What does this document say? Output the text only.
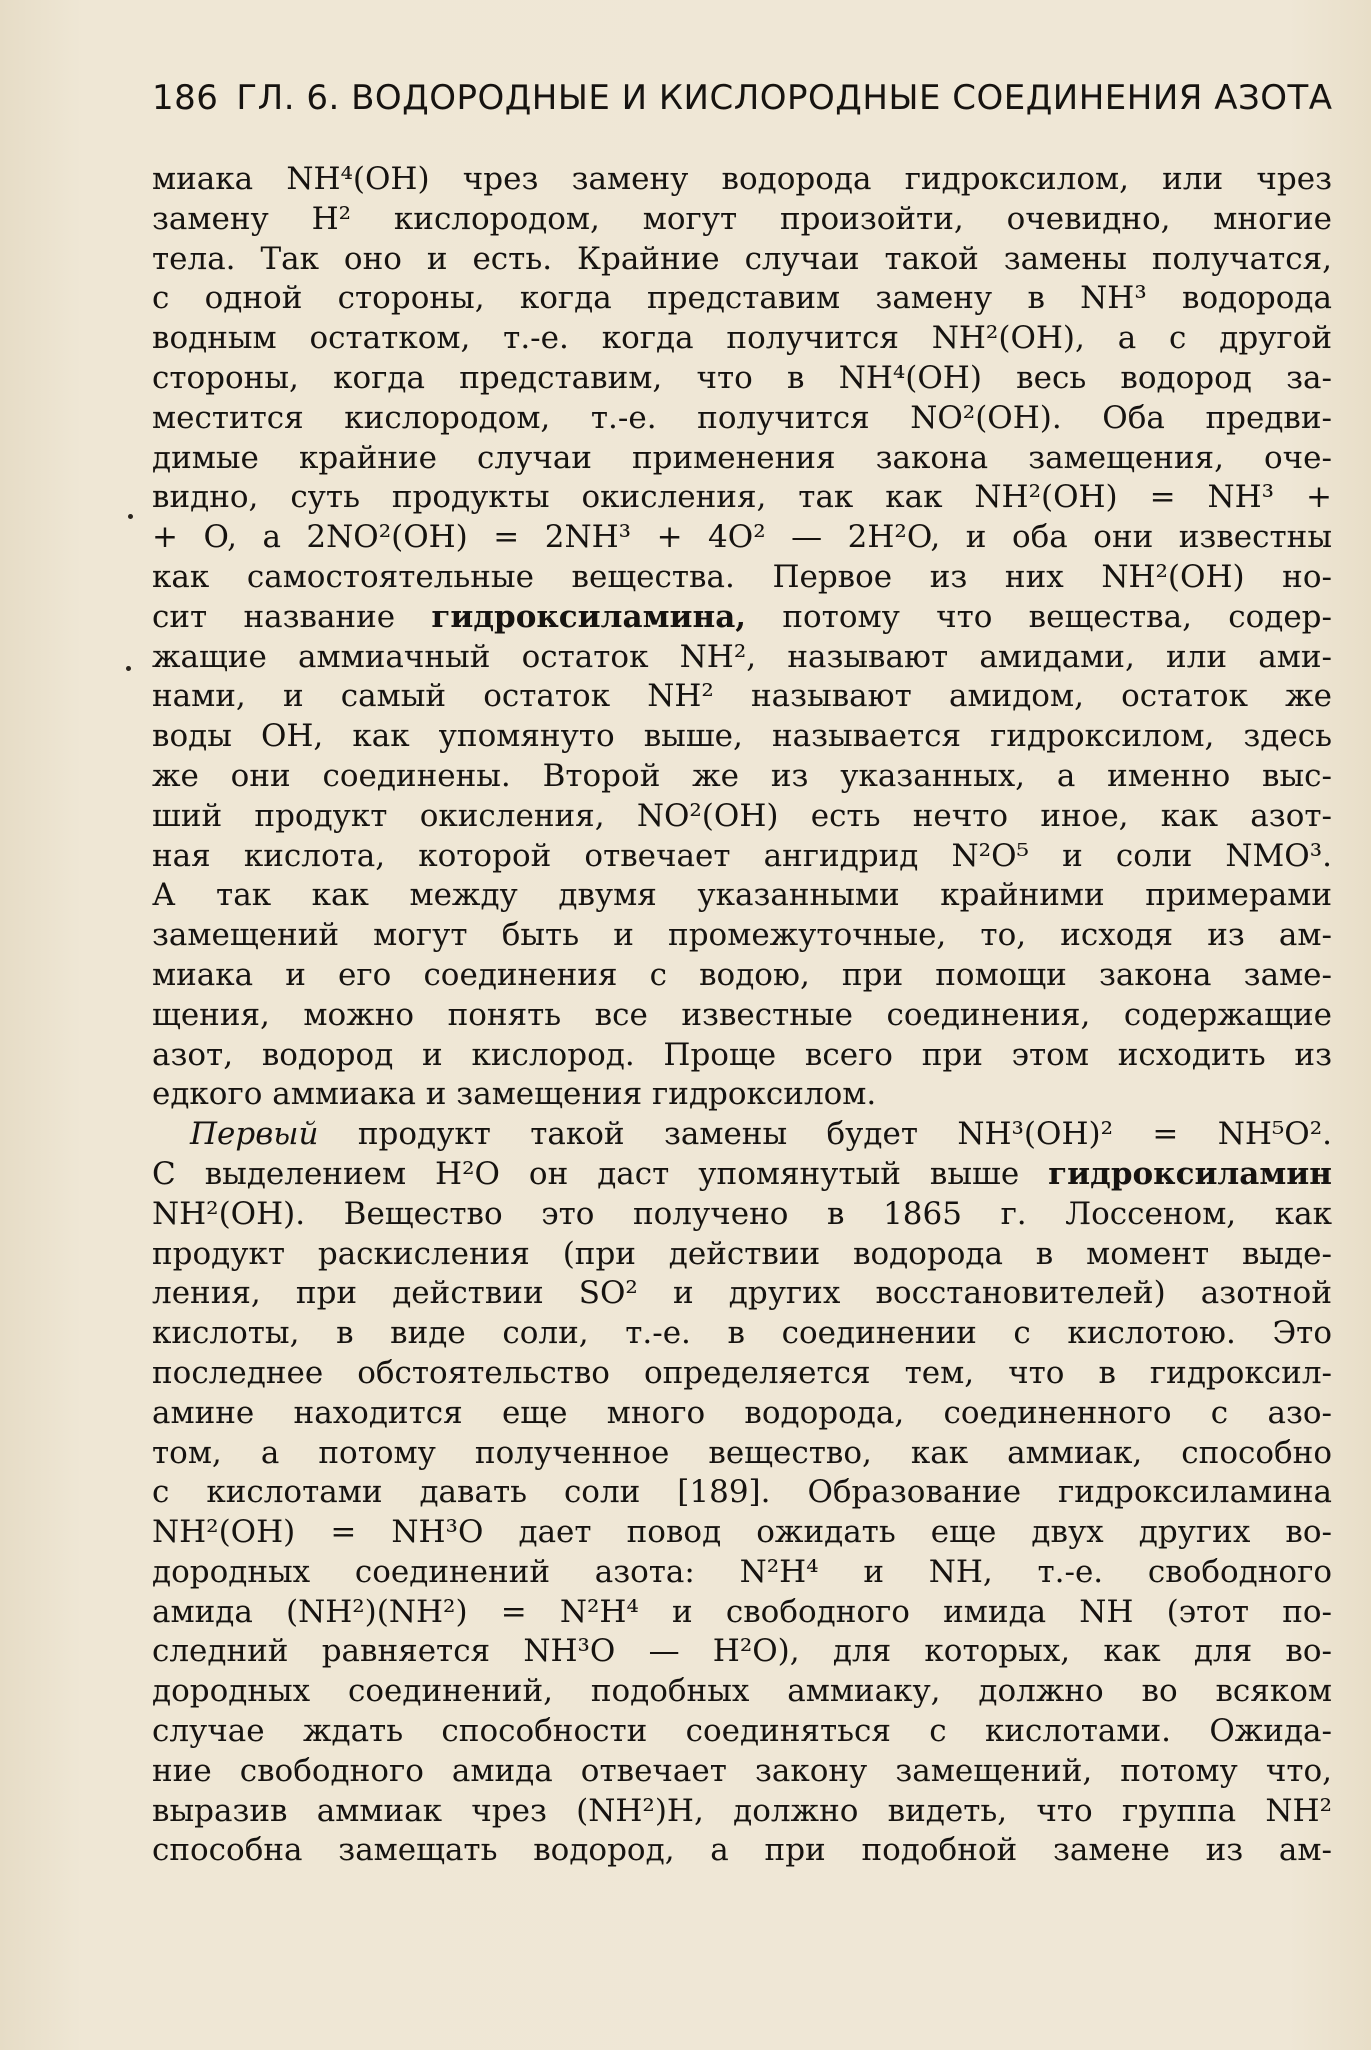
186 ГЛ. 6. ВОДОРОДНЫЕ И КИСЛОРОДНЫЕ СОЕДИНЕНИЯ АЗОТА
миака NH⁴(OH) чрез замену водорода гидроксилом, или чрез
замену H² кислородом, могут произойти, очевидно, многие
тела. Так оно и есть. Крайние случаи такой замены получатся,
с одной стороны, когда представим замену в NH³ водорода
водным остатком, т.-е. когда получится NH²(OH), а с другой
стороны, когда представим, что в NH⁴(OH) весь водород за-
местится кислородом, т.-е. получится NO²(OH). Оба предви-
димые крайние случаи применения закона замещения, оче-
видно, суть продукты окисления, так как NH²(OH) = NH³ +
+ O, а 2NO²(OH) = 2NH³ + 4O² — 2H²O, и оба они известны
как самостоятельные вещества. Первое из них NH²(OH) но-
сит название гидроксиламина, потому что вещества, содер-
жащие аммиачный остаток NH², называют амидами, или ами-
нами, и самый остаток NH² называют амидом, остаток же
воды OH, как упомянуто выше, называется гидроксилом, здесь
же они соединены. Второй же из указанных, а именно выс-
ший продукт окисления, NO²(OH) есть нечто иное, как азот-
ная кислота, которой отвечает ангидрид N²O⁵ и соли NMO³.
А так как между двумя указанными крайними примерами
замещений могут быть и промежуточные, то, исходя из ам-
миака и его соединения с водою, при помощи закона заме-
щения, можно понять все известные соединения, содержащие
азот, водород и кислород. Проще всего при этом исходить из
едкого аммиака и замещения гидроксилом.
Первый продукт такой замены будет NH³(OH)² = NH⁵O².
С выделением H²O он даст упомянутый выше гидроксиламин
NH²(OH). Вещество это получено в 1865 г. Лоссеном, как
продукт раскисления (при действии водорода в момент выде-
ления, при действии SO² и других восстановителей) азотной
кислоты, в виде соли, т.-е. в соединении с кислотою. Это
последнее обстоятельство определяется тем, что в гидроксил-
амине находится еще много водорода, соединенного с азо-
том, а потому полученное вещество, как аммиак, способно
с кислотами давать соли [189]. Образование гидроксиламина
NH²(OH) = NH³O дает повод ожидать еще двух других во-
дородных соединений азота: N²H⁴ и NH, т.-е. свободного
амида (NH²)(NH²) = N²H⁴ и свободного имида NH (этот по-
следний равняется NH³O — H²O), для которых, как для во-
дородных соединений, подобных аммиаку, должно во всяком
случае ждать способности соединяться с кислотами. Ожида-
ние свободного амида отвечает закону замещений, потому что,
выразив аммиак чрез (NH²)H, должно видеть, что группа NH²
способна замещать водород, а при подобной замене из ам-
